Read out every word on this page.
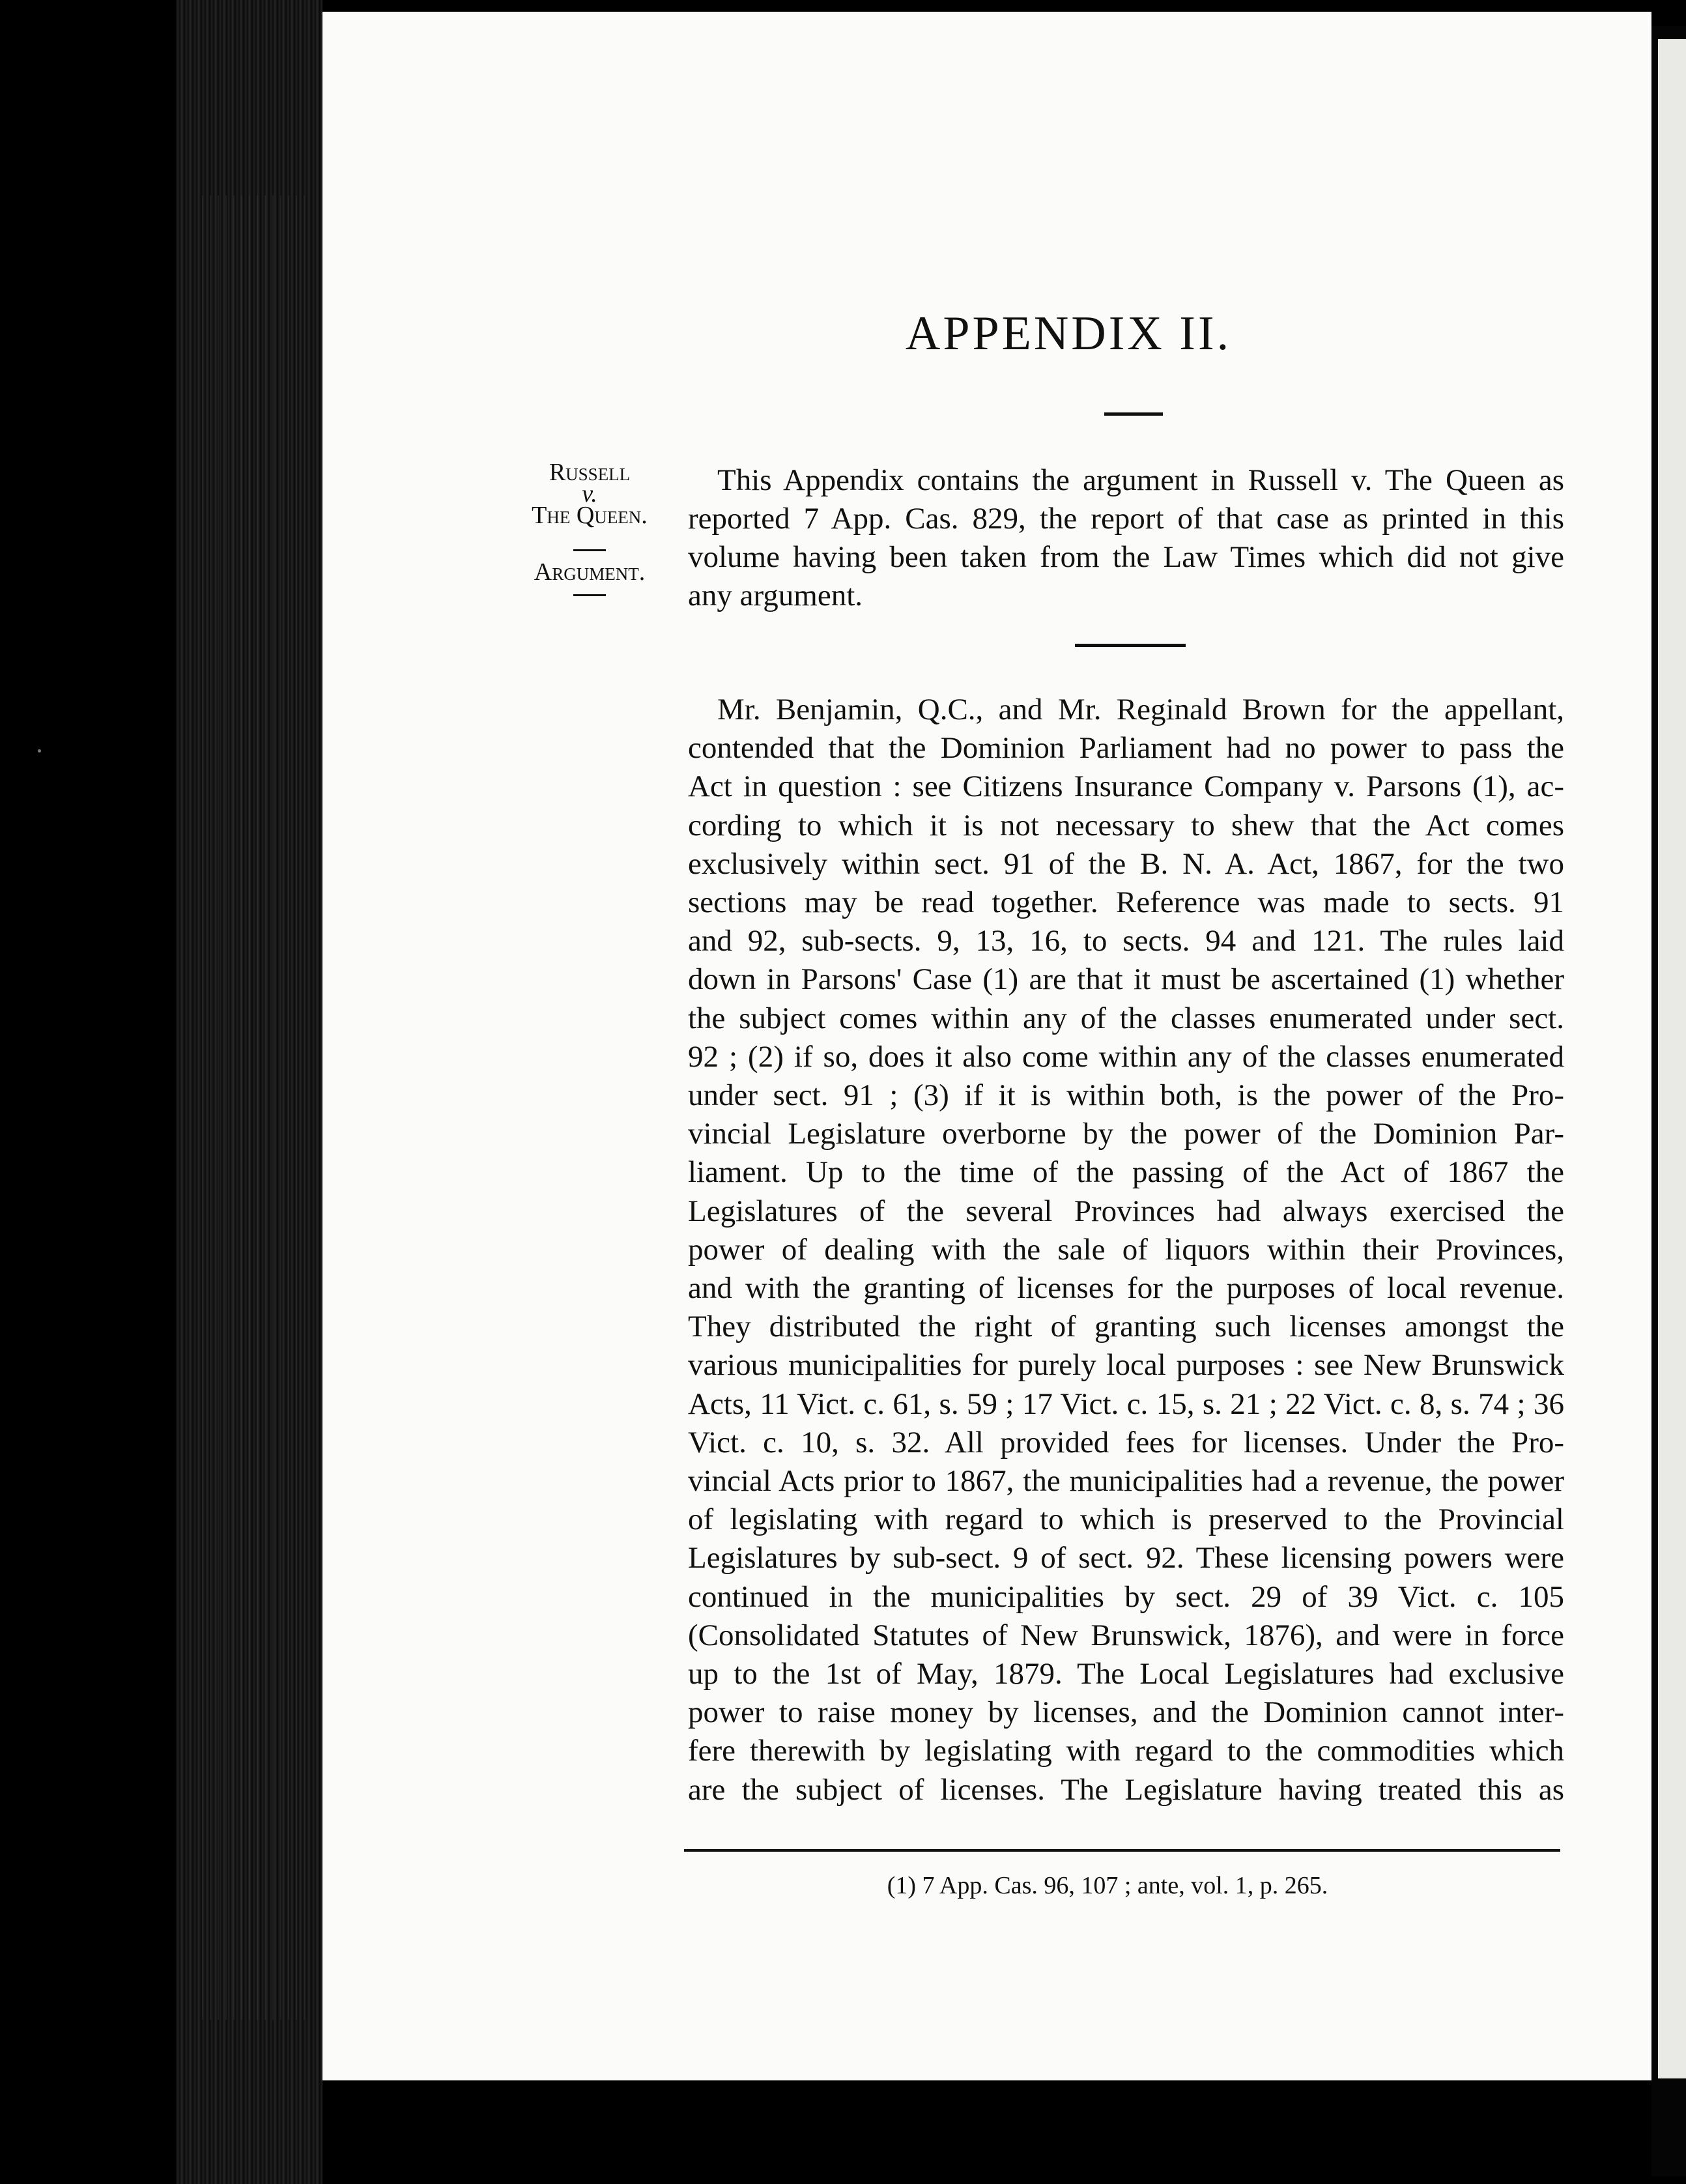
APPENDIX II.
Russell
v.
The Queen.
Argument.
This Appendix contains the argument in Russell v. The Queen as
reported 7 App. Cas. 829, the report of that case as printed in this
volume having been taken from the Law Times which did not give
any argument.
Mr. Benjamin, Q.C., and Mr. Reginald Brown for the appellant,
contended that the Dominion Parliament had no power to pass the
Act in question : see Citizens Insurance Company v. Parsons (1), ac-
cording to which it is not necessary to shew that the Act comes
exclusively within sect. 91 of the B. N. A. Act, 1867, for the two
sections may be read together. Reference was made to sects. 91
and 92, sub-sects. 9, 13, 16, to sects. 94 and 121. The rules laid
down in Parsons' Case (1) are that it must be ascertained (1) whether
the subject comes within any of the classes enumerated under sect.
92 ; (2) if so, does it also come within any of the classes enumerated
under sect. 91 ; (3) if it is within both, is the power of the Pro-
vincial Legislature overborne by the power of the Dominion Par-
liament. Up to the time of the passing of the Act of 1867 the
Legislatures of the several Provinces had always exercised the
power of dealing with the sale of liquors within their Provinces,
and with the granting of licenses for the purposes of local revenue.
They distributed the right of granting such licenses amongst the
various municipalities for purely local purposes : see New Brunswick
Acts, 11 Vict. c. 61, s. 59 ; 17 Vict. c. 15, s. 21 ; 22 Vict. c. 8, s. 74 ; 36
Vict. c. 10, s. 32. All provided fees for licenses. Under the Pro-
vincial Acts prior to 1867, the municipalities had a revenue, the power
of legislating with regard to which is preserved to the Provincial
Legislatures by sub-sect. 9 of sect. 92. These licensing powers were
continued in the municipalities by sect. 29 of 39 Vict. c. 105
(Consolidated Statutes of New Brunswick, 1876), and were in force
up to the 1st of May, 1879. The Local Legislatures had exclusive
power to raise money by licenses, and the Dominion cannot inter-
fere therewith by legislating with regard to the commodities which
are the subject of licenses. The Legislature having treated this as
(1) 7 App. Cas. 96, 107 ; ante, vol. 1, p. 265.
